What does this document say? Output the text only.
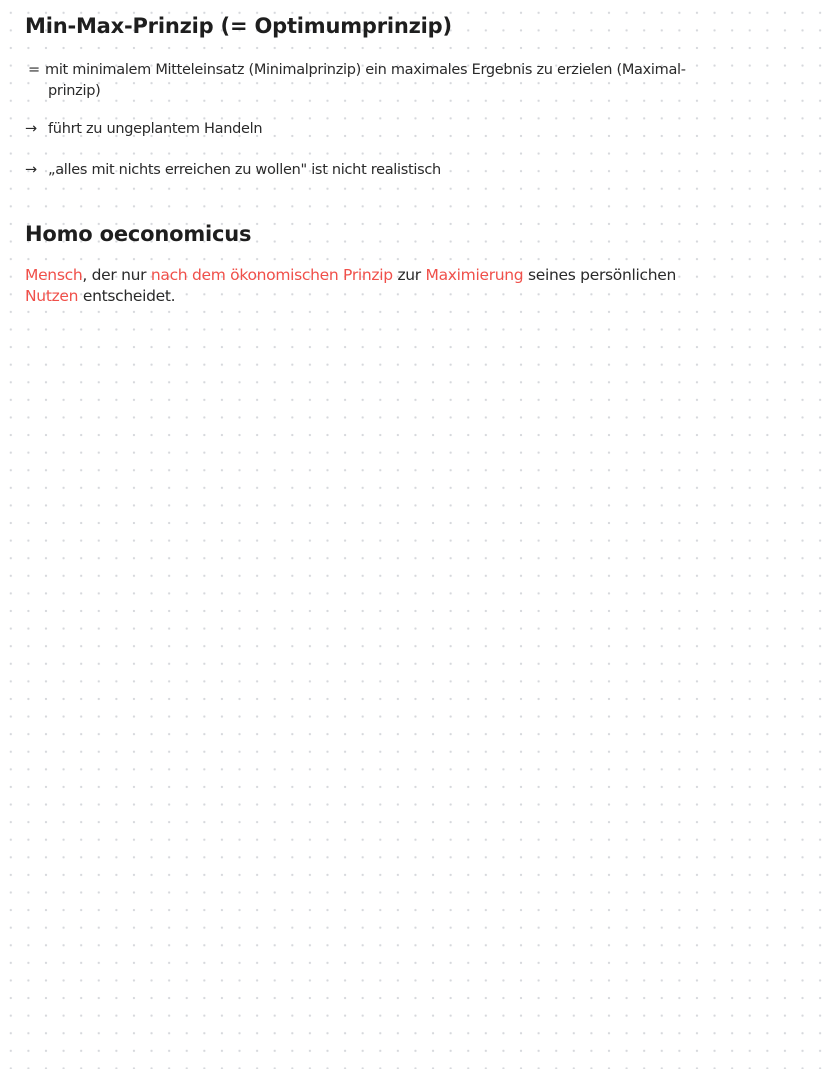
Min-Max-Prinzip (= Optimumprinzip)
= mit minimalem Mitteleinsatz (Minimalprinzip) ein maximales Ergebnis zu erzielen (Maximal-
prinzip)
→ führt zu ungeplantem Handeln
→ „alles mit nichts erreichen zu wollen" ist nicht realistisch
Homo oeconomicus
Mensch, der nur nach dem ökonomischen Prinzip zur Maximierung seines persönlichen
Nutzen entscheidet.
